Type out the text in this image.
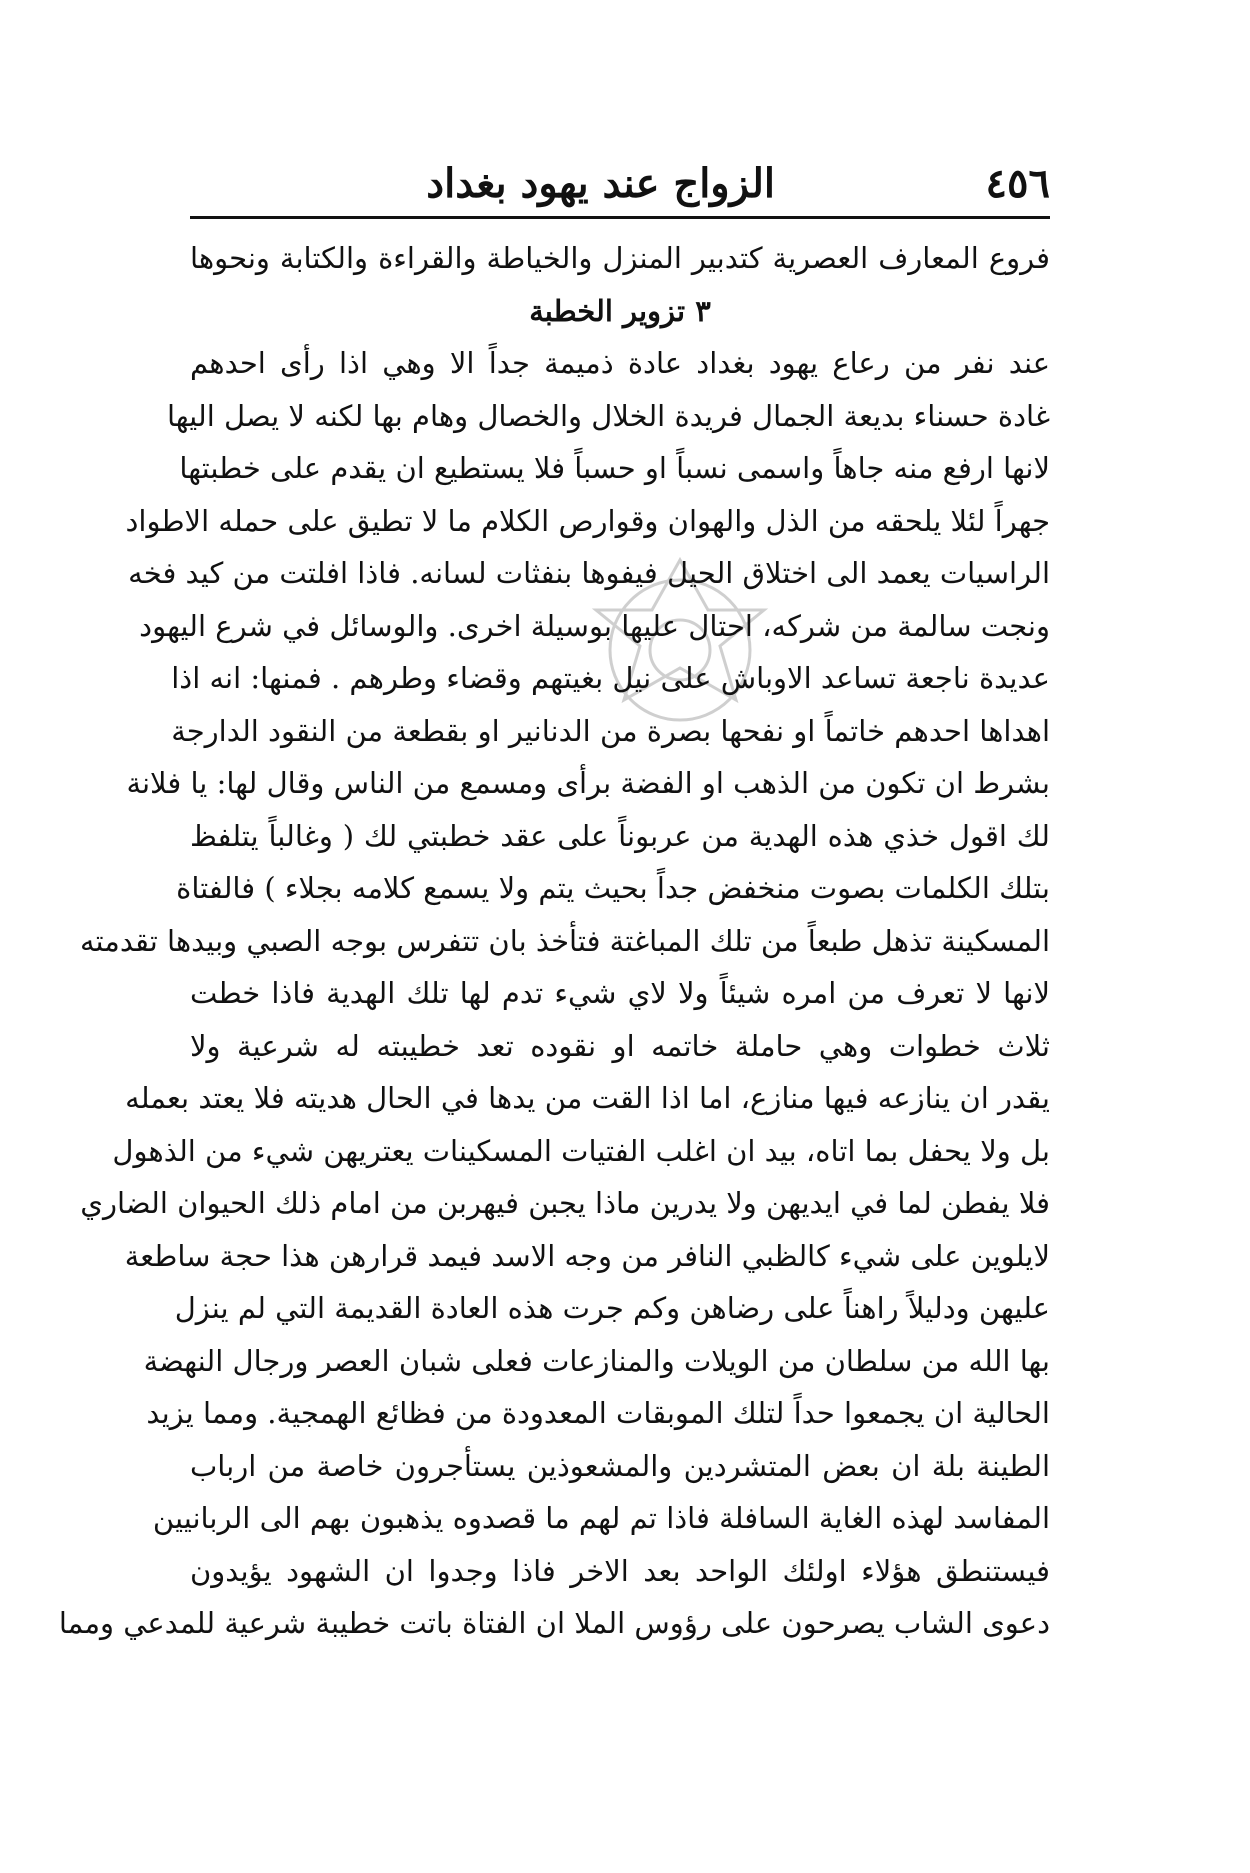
٤٥٦
الزواج عند يهود بغداد
فروع المعارف العصرية كتدبير المنزل والخياطة والقراءة والكتابة ونحوها
٣ تزوير الخطبة
عند نفر من رعاع يهود بغداد عادة ذميمة جداً الا وهي اذا رأى احدهم
غادة حسناء بديعة الجمال فريدة الخلال والخصال وهام بها لكنه لا يصل اليها
لانها ارفع منه جاهاً واسمى نسباً او حسباً فلا يستطيع ان يقدم على خطبتها
جهراً لئلا يلحقه من الذل والهوان وقوارص الكلام ما لا تطيق على حمله الاطواد
الراسيات يعمد الى اختلاق الحيل فيفوها بنفثات لسانه. فاذا افلتت من كيد فخه
ونجت سالمة من شركه، احتال عليها بوسيلة اخرى. والوسائل في شرع اليهود
عديدة ناجعة تساعد الاوباش على نيل بغيتهم وقضاء وطرهم . فمنها: انه اذا
اهداها احدهم خاتماً او نفحها بصرة من الدنانير او بقطعة من النقود الدارجة
بشرط ان تكون من الذهب او الفضة برأى ومسمع من الناس وقال لها: يا فلانة
لك اقول خذي هذه الهدية من عربوناً على عقد خطبتي لك ( وغالباً يتلفظ
بتلك الكلمات بصوت منخفض جداً بحيث يتم ولا يسمع كلامه بجلاء ) فالفتاة
المسكينة تذهل طبعاً من تلك المباغتة فتأخذ بان تتفرس بوجه الصبي وبيدها تقدمته
لانها لا تعرف من امره شيئاً ولا لاي شيء تدم لها تلك الهدية فاذا خطت
ثلاث خطوات وهي حاملة خاتمه او نقوده تعد خطيبته له شرعية ولا
يقدر ان ينازعه فيها منازع، اما اذا القت من يدها في الحال هديته فلا يعتد بعمله
بل ولا يحفل بما اتاه، بيد ان اغلب الفتيات المسكينات يعتريهن شيء من الذهول
فلا يفطن لما في ايديهن ولا يدرين ماذا يجبن فيهربن من امام ذلك الحيوان الضاري
لايلوين على شيء كالظبي النافر من وجه الاسد فيمد قرارهن هذا حجة ساطعة
عليهن ودليلاً راهناً على رضاهن وكم جرت هذه العادة القديمة التي لم ينزل
بها الله من سلطان من الويلات والمنازعات فعلى شبان العصر ورجال النهضة
الحالية ان يجمعوا حداً لتلك الموبقات المعدودة من فظائع الهمجية. ومما يزيد
الطينة بلة ان بعض المتشردين والمشعوذين يستأجرون خاصة من ارباب
المفاسد لهذه الغاية السافلة فاذا تم لهم ما قصدوه يذهبون بهم الى الربانيين
فيستنطق هؤلاء اولئك الواحد بعد الاخر فاذا وجدوا ان الشهود يؤيدون
دعوى الشاب يصرحون على رؤوس الملا ان الفتاة باتت خطيبة شرعية للمدعي ومما
